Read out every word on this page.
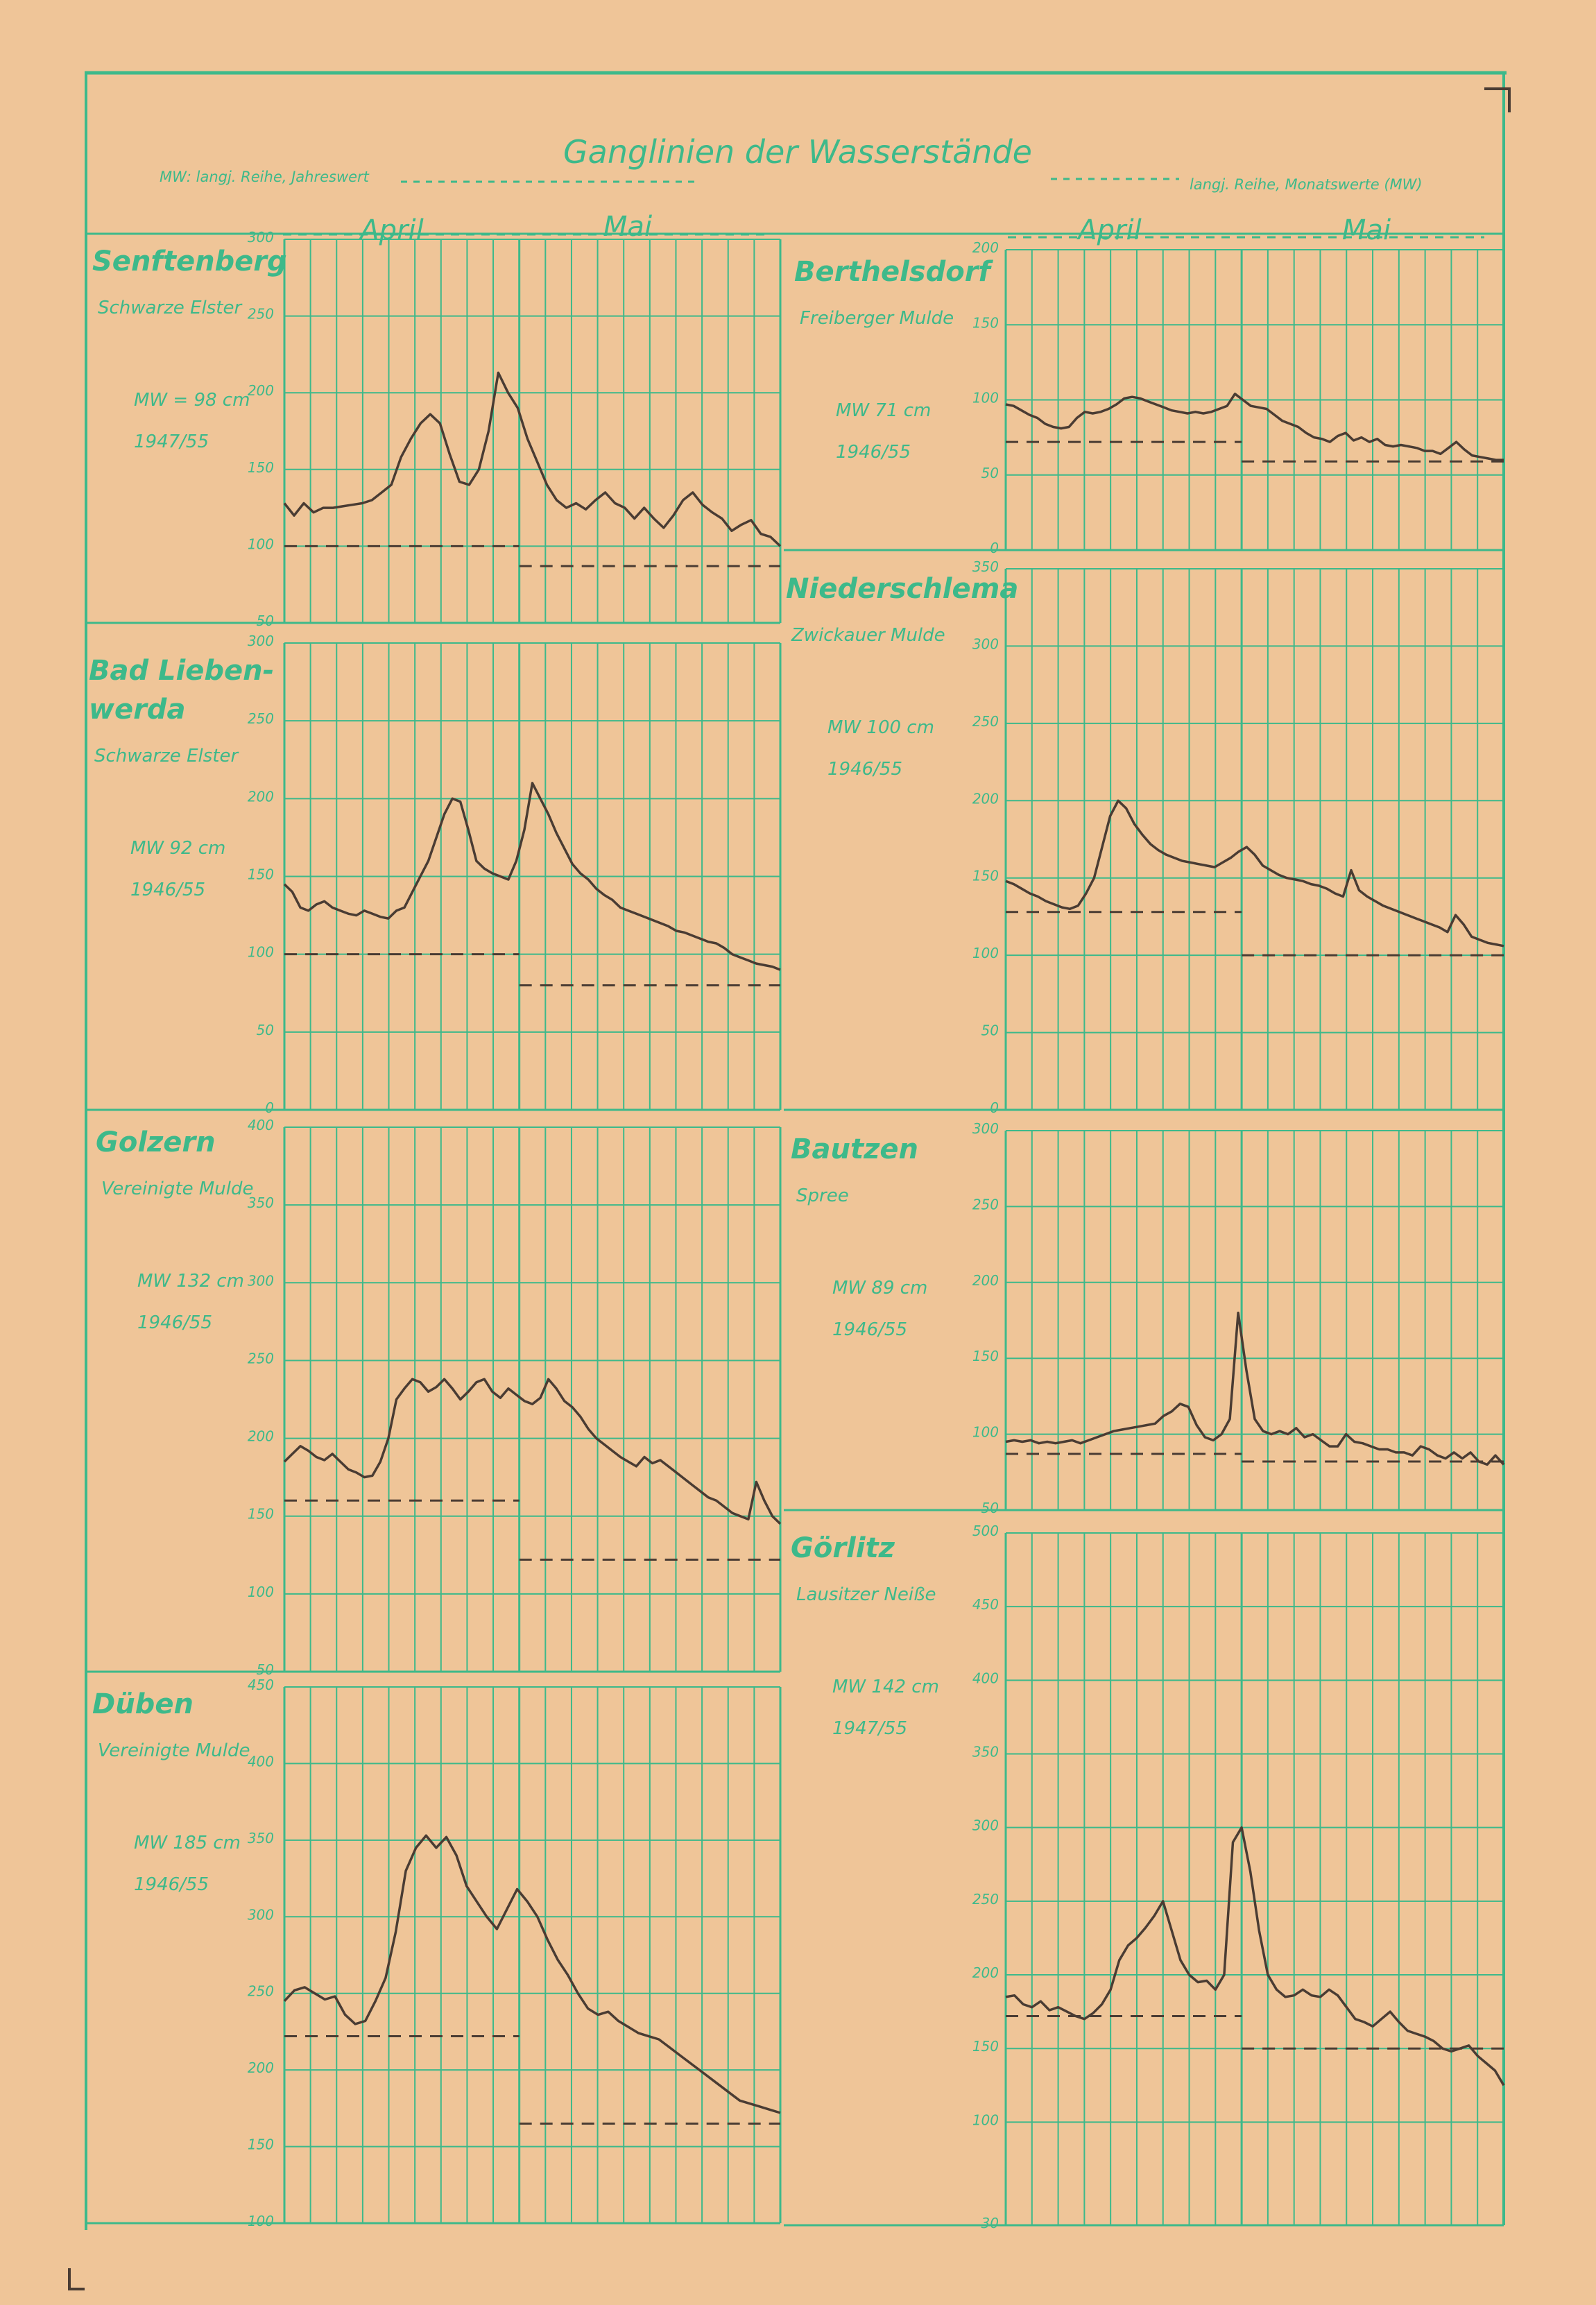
50
100
150
200
250
300
Senftenberg
Schwarze Elster
MW = 98 cm
1947/55
0
50
100
150
200
Berthelsdorf
Freiberger Mulde
MW 71 cm
1946/55
0
50
100
150
200
250
300
Bad Lieben-
werda
Schwarze Elster
MW 92 cm
1946/55
0
50
100
150
200
250
300
350
Niederschlema
Zwickauer Mulde
MW 100 cm
1946/55
50
100
150
200
250
300
350
400
Golzern
Vereinigte Mulde
MW 132 cm
1946/55
50
100
150
200
250
300
Bautzen
Spree
MW 89 cm
1946/55
100
150
200
250
300
350
400
450
Düben
Vereinigte Mulde
MW 185 cm
1946/55
30
100
150
200
250
300
350
400
450
500
Görlitz
Lausitzer Neiße
MW 142 cm
1947/55
Ganglinien der Wasserstände
MW: langj. Reihe, Jahreswert	langj. Reihe, Monatswerte (MW)
April	Mai	April	Mai
